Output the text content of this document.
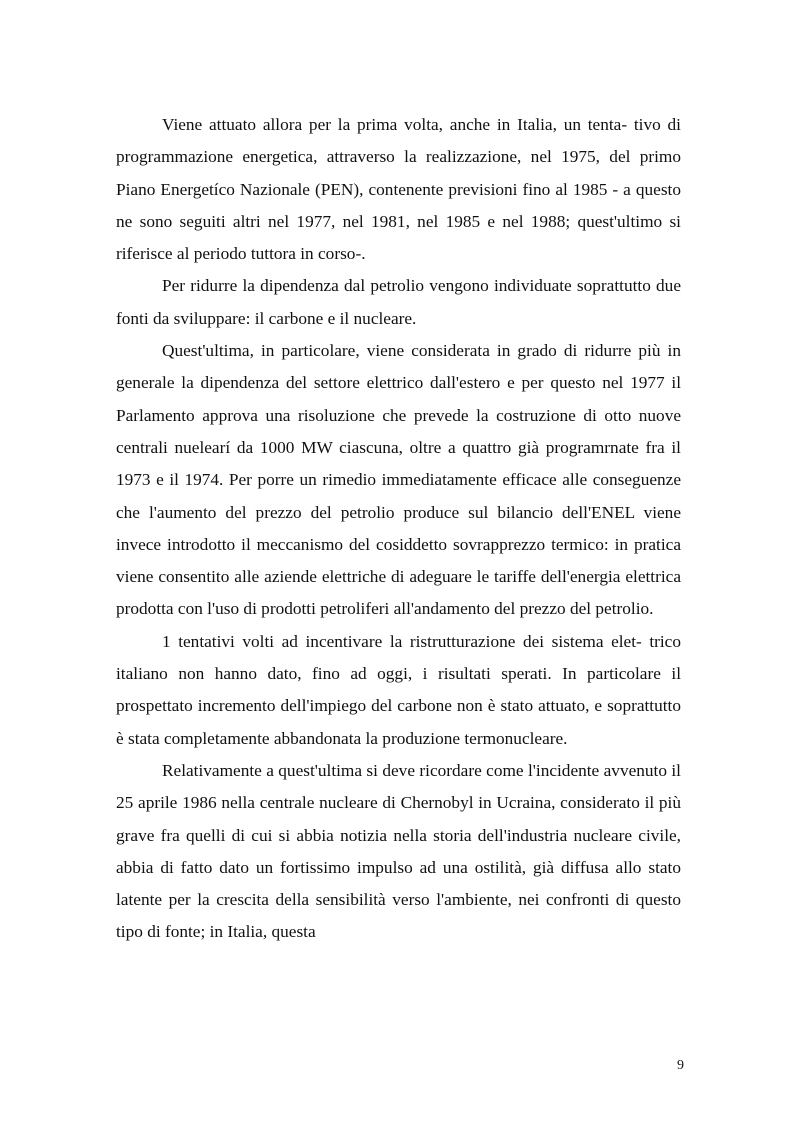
Viene attuato allora per la prima volta, anche in Italia, un tenta- tivo di programmazione energetica, attraverso la realizzazione, nel 1975, del primo Piano Energetíco Nazionale (PEN), contenente previsioni fino al 1985 - a questo ne sono seguiti altri nel 1977, nel 1981, nel 1985 e nel 1988; quest'ultimo si riferisce al periodo tuttora in corso-.

Per ridurre la dipendenza dal petrolio vengono individuate soprattutto due fonti da sviluppare: il carbone e il nucleare.

Quest'ultima, in particolare, viene considerata in grado di ridurre più in generale la dipendenza del settore elettrico dall'estero e per questo nel 1977 il Parlamento approva una risoluzione che prevede la costruzione di otto nuove centrali nuelearí da 1000 MW ciascuna, oltre a quattro già programrnate fra il 1973 e il 1974. Per porre un rimedio immediatamente efficace alle conseguenze che l'aumento del prezzo del petrolio produce sul bilancio dell'ENEL viene invece introdotto il meccanismo del cosiddetto sovrapprezzo termico: in pratica viene consentito alle aziende elettriche di adeguare le tariffe dell'energia elettrica prodotta con l'uso di prodotti petroliferi all'andamento del prezzo del petrolio.

1 tentativi volti ad incentivare la ristrutturazione dei sistema elet- trico italiano non hanno dato, fino ad oggi, i risultati sperati. In particolare il prospettato incremento dell'impiego del carbone non è stato attuato, e soprattutto è stata completamente abbandonata la produzione termonucleare.

Relativamente a quest'ultima si deve ricordare come l'incidente avvenuto il 25 aprile 1986 nella centrale nucleare di Chernobyl in Ucraina, considerato il più grave fra quelli di cui si abbia notizia nella storia dell'industria nucleare civile, abbia di fatto dato un fortissimo impulso ad una ostilità, già diffusa allo stato latente per la crescita della sensibilità verso l'ambiente, nei confronti di questo tipo di fonte; in Italia, questa

9
